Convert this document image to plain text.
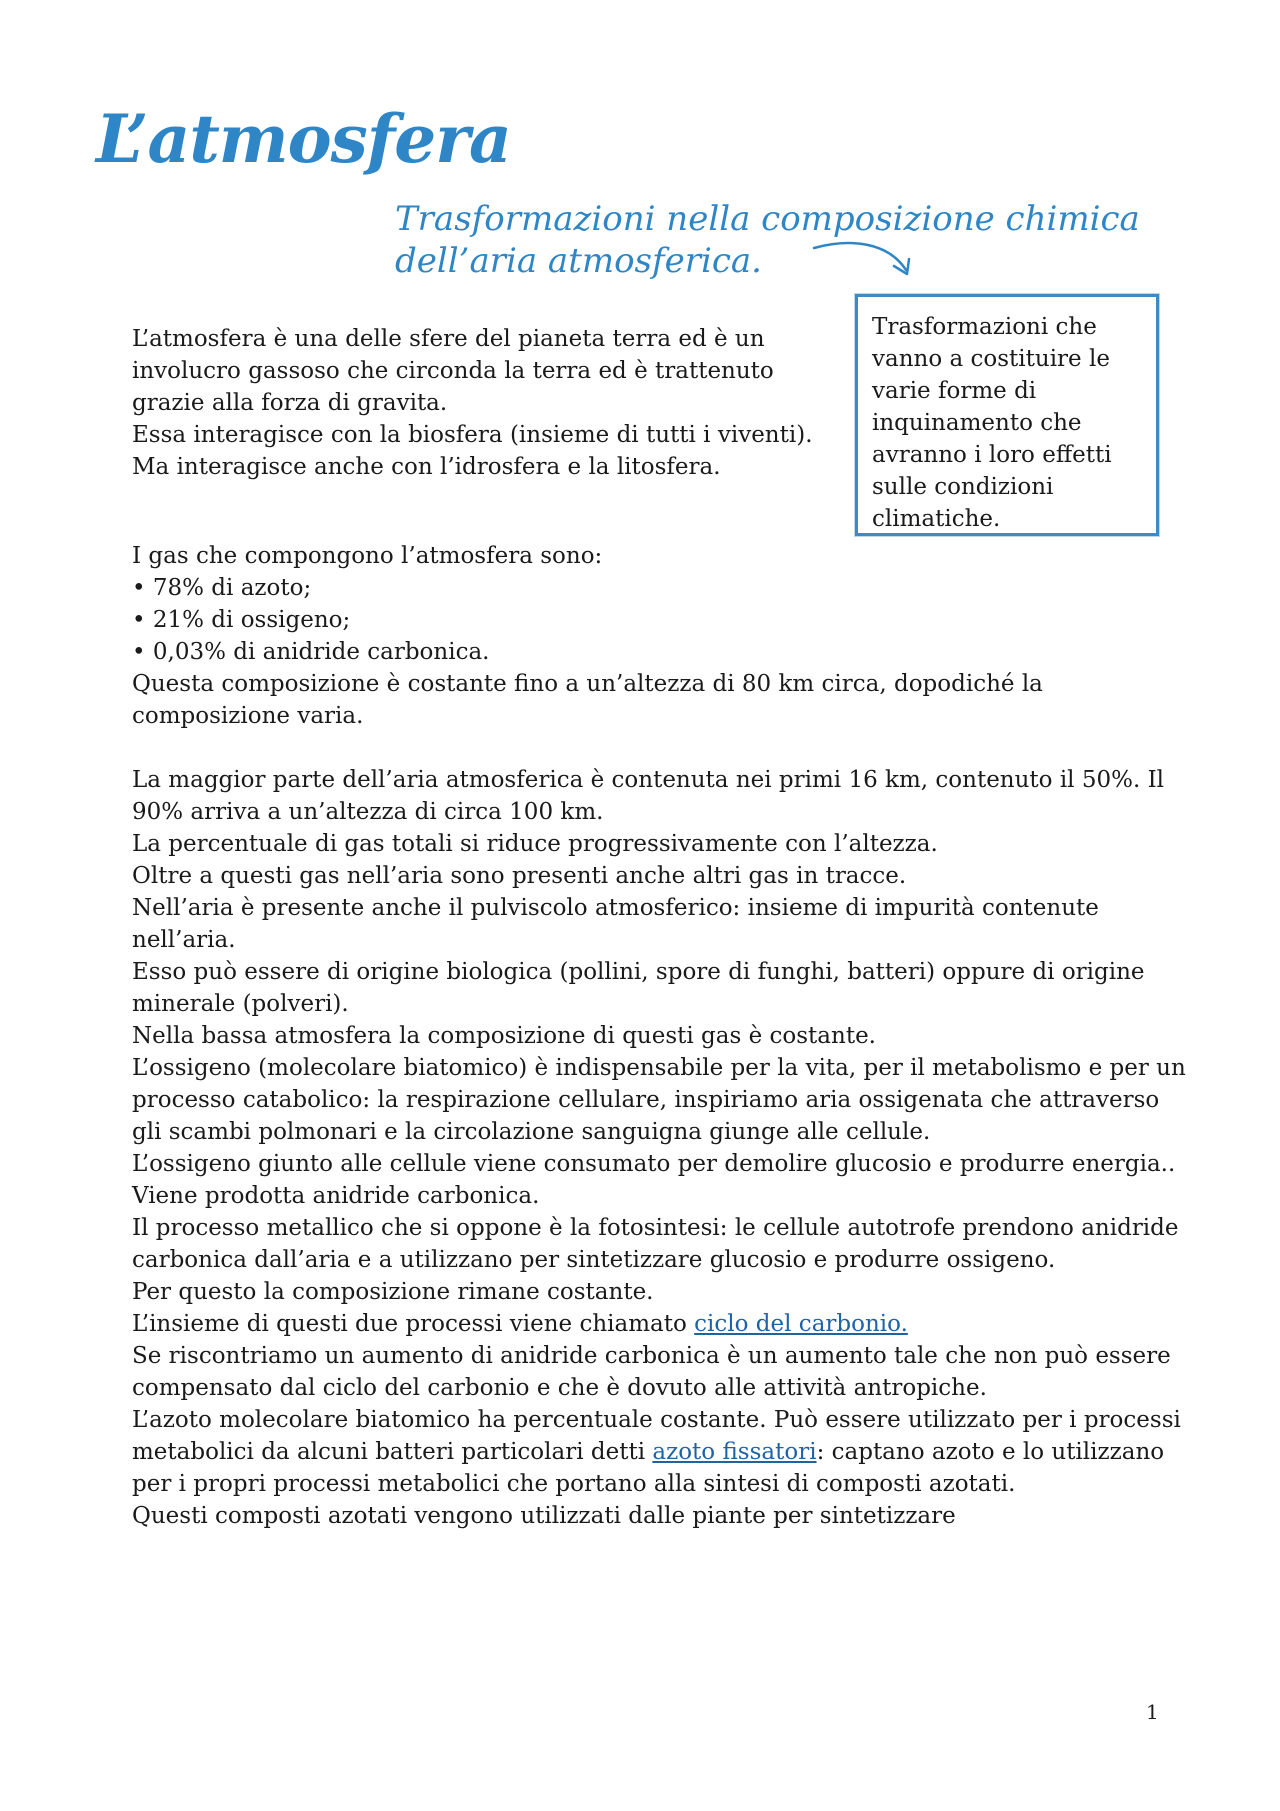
L’atmosfera
Trasformazioni nella composizione chimica dell’aria atmosferica.
Trasformazioni che vanno a costituire le varie forme di inquinamento che avranno i loro effetti sulle condizioni climatiche.
L’atmosfera è una delle sfere del pianeta terra ed è un involucro gassoso che circonda la terra ed è trattenuto grazie alla forza di gravita.
Essa interagisce con la biosfera (insieme di tutti i viventi). Ma interagisce anche con l’idrosfera e la litosfera.
I gas che compongono l’atmosfera sono:
• 78% di azoto;
• 21% di ossigeno;
• 0,03% di anidride carbonica.
Questa composizione è costante fino a un’altezza di 80 km circa, dopodiché la composizione varia.
La maggior parte dell’aria atmosferica è contenuta nei primi 16 km, contenuto il 50%. Il 90% arriva a un’altezza di circa 100 km.
La percentuale di gas totali si riduce progressivamente con l’altezza.
Oltre a questi gas nell’aria sono presenti anche altri gas in tracce.
Nell’aria è presente anche il pulviscolo atmosferico: insieme di impurità contenute nell’aria.
Esso può essere di origine biologica (pollini, spore di funghi, batteri) oppure di origine minerale (polveri).
Nella bassa atmosfera la composizione di questi gas è costante.
L’ossigeno (molecolare biatomico) è indispensabile per la vita, per il metabolismo e per un processo catabolico: la respirazione cellulare, inspiriamo aria ossigenata che attraverso gli scambi polmonari e la circolazione sanguigna giunge alle cellule.
L’ossigeno giunto alle cellule viene consumato per demolire glucosio e produrre energia.. Viene prodotta anidride carbonica.
Il processo metallico che si oppone è la fotosintesi: le cellule autotrofe prendono anidride carbonica dall’aria e a utilizzano per sintetizzare glucosio e produrre ossigeno.
Per questo la composizione rimane costante.
L’insieme di questi due processi viene chiamato ciclo del carbonio.
Se riscontriamo un aumento di anidride carbonica è un aumento tale che non può essere compensato dal ciclo del carbonio e che è dovuto alle attività antropiche.
L’azoto molecolare biatomico ha percentuale costante. Può essere utilizzato per i processi metabolici da alcuni batteri particolari detti azoto fissatori: captano azoto e lo utilizzano per i propri processi metabolici che portano alla sintesi di composti azotati.
Questi composti azotati vengono utilizzati dalle piante per sintetizzare
1
